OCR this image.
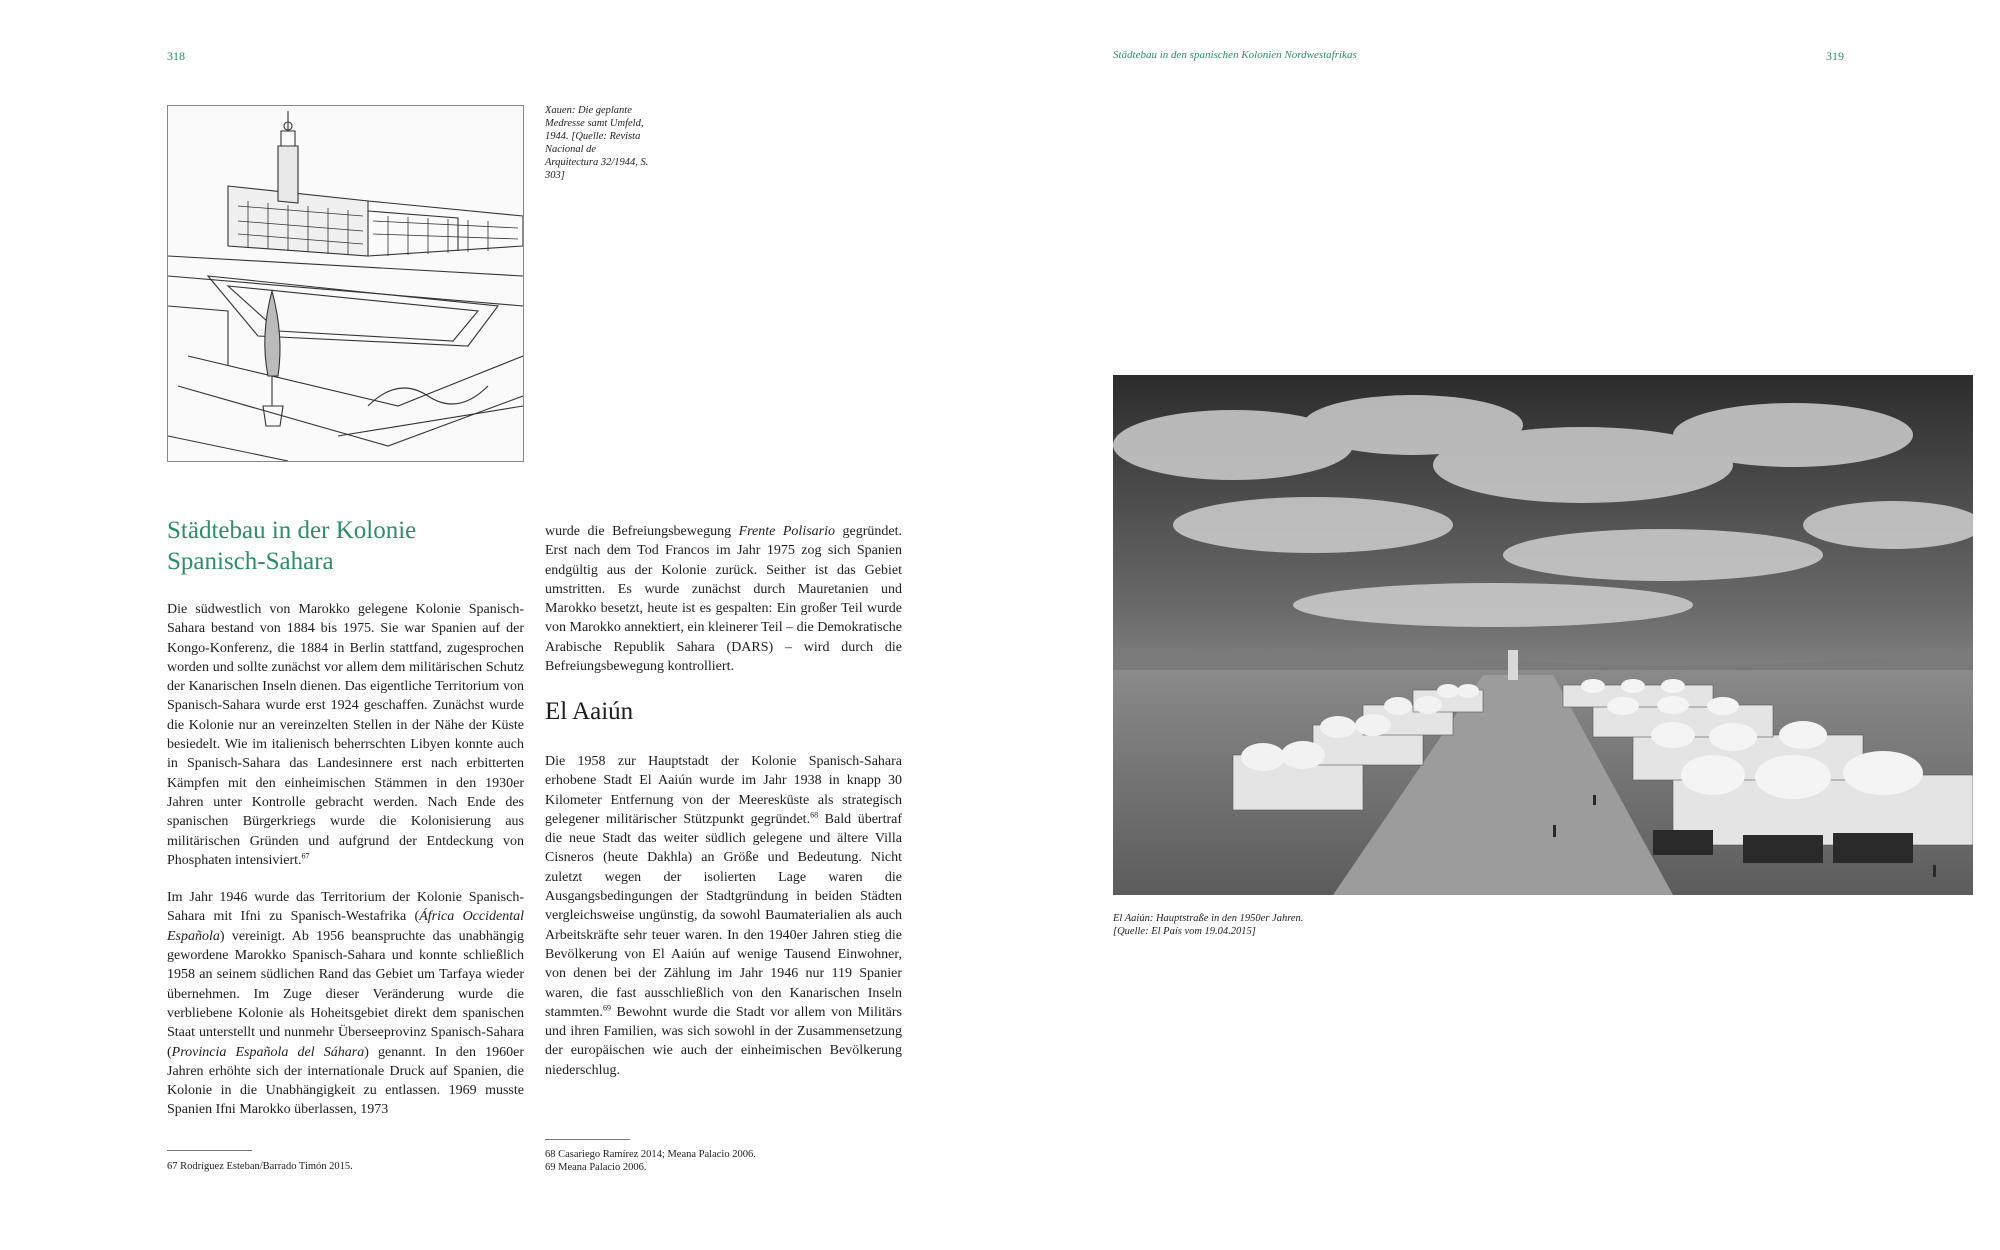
318
Xauen: Die geplante Medresse samt Umfeld, 1944. [Quelle: Revista Nacional de Arquitectura 32/1944, S. 303]
Städtebau in der Kolonie Spanisch-Sahara

Die südwestlich von Marokko gelegene Kolonie Spanisch-Sahara bestand von 1884 bis 1975. Sie war Spanien auf der Kongo-Konferenz, die 1884 in Berlin stattfand, zugesprochen worden und sollte zunächst vor allem dem militärischen Schutz der Kanarischen Inseln dienen. Das eigentliche Territorium von Spanisch-Sahara wurde erst 1924 geschaffen. Zunächst wurde die Kolonie nur an vereinzelten Stellen in der Nähe der Küste besiedelt. Wie im italienisch beherrschten Libyen konnte auch in Spanisch-Sahara das Landesinnere erst nach erbitterten Kämpfen mit den einheimischen Stämmen in den 1930er Jahren unter Kontrolle gebracht werden. Nach Ende des spanischen Bürgerkriegs wurde die Kolonisierung aus militärischen Gründen und aufgrund der Entdeckung von Phosphaten intensiviert.$^{67}$

Im Jahr 1946 wurde das Territorium der Kolonie Spanisch-Sahara mit Ifni zu Spanisch-Westafrika (África Occidental Española) vereinigt. Ab 1956 beanspruchte das unabhängig gewordene Marokko Spanisch-Sahara und konnte schließlich 1958 an seinem südlichen Rand das Gebiet um Tarfaya wieder übernehmen. Im Zuge dieser Veränderung wurde die verbliebene Kolonie als Hoheitsgebiet direkt dem spanischen Staat unterstellt und nunmehr Überseeprovinz Spanisch-Sahara (Provincia Española del Sáhara) genannt. In den 1960er Jahren erhöhte sich der internationale Druck auf Spanien, die Kolonie in die Unabhängigkeit zu entlassen. 1969 musste Spanien Ifni Marokko überlassen, 1973

67 Rodríguez Esteban/Barrado Timón 2015.

wurde die Befreiungsbewegung Frente Polisario gegründet. Erst nach dem Tod Francos im Jahr 1975 zog sich Spanien endgültig aus der Kolonie zurück. Seither ist das Gebiet umstritten. Es wurde zunächst durch Mauretanien und Marokko besetzt, heute ist es gespalten: Ein großer Teil wurde von Marokko annektiert, ein kleinerer Teil – die Demokratische Arabische Republik Sahara (DARS) – wird durch die Befreiungsbewegung kontrolliert.

El Aaiún

Die 1958 zur Hauptstadt der Kolonie Spanisch-Sahara erhobene Stadt El Aaiún wurde im Jahr 1938 in knapp 30 Kilometer Entfernung von der Meeresküste als strategisch gelegener militärischer Stützpunkt gegründet.$^{68}$ Bald übertraf die neue Stadt das weiter südlich gelegene und ältere Villa Cisneros (heute Dakhla) an Größe und Bedeutung. Nicht zuletzt wegen der isolierten Lage waren die Ausgangsbedingungen der Stadtgründung in beiden Städten vergleichsweise ungünstig, da sowohl Baumaterialien als auch Arbeitskräfte sehr teuer waren. In den 1940er Jahren stieg die Bevölkerung von El Aaiún auf wenige Tausend Einwohner, von denen bei der Zählung im Jahr 1946 nur 119 Spanier waren, die fast ausschließlich von den Kanarischen Inseln stammten.$^{69}$ Bewohnt wurde die Stadt vor allem von Militärs und ihren Familien, was sich sowohl in der Zusammensetzung der europäischen wie auch der einheimischen Bevölkerung niederschlug.

68 Casariego Ramírez 2014; Meana Palacio 2006.
69 Meana Palacio 2006.
Städtebau in den spanischen Kolonien Nordwestafrikas	319
El Aaiún: Hauptstraße in den 1950er Jahren.
[Quelle: El País vom 19.04.2015]
